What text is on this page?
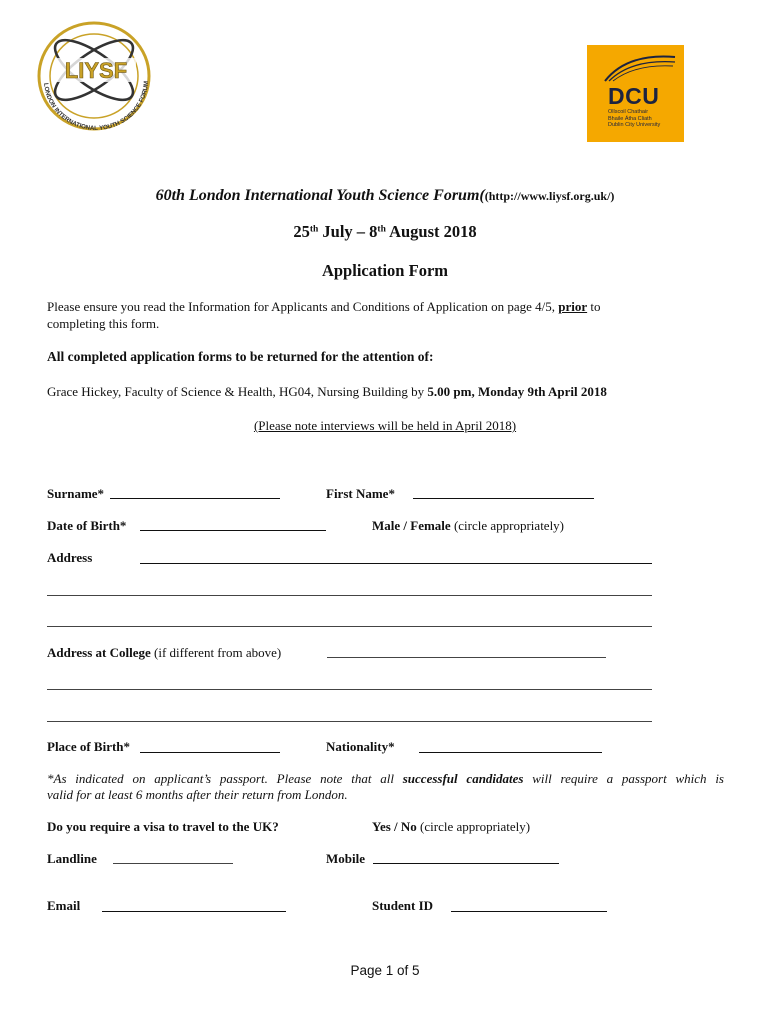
LIYSF
LONDON INTERNATIONAL YOUTH SCIENCE FORUM	DCU
Ollscoil Chathair
Bhaile Átha Cliath
Dublin City University
60th London International Youth Science Forum((http://www.liysf.org.uk/)
25th July – 8th August 2018
Application Form
Please ensure you read the Information for Applicants and Conditions of Application on page 4/5, prior to
completing this form.
All completed application forms to be returned for the attention of:
Grace Hickey, Faculty of Science & Health, HG04, Nursing Building by 5.00 pm, Monday 9th April 2018
(Please note interviews will be held in April 2018)
Surname*	First Name*
Date of Birth*	Male / Female (circle appropriately)
Address
Address at College (if different from above)
Place of Birth*	Nationality*
*As indicated on applicant’s passport. Please note that all successful candidates will require a passport which is
valid for at least 6 months after their return from London.
Do you require a visa to travel to the UK?	Yes / No (circle appropriately)
Landline	Mobile
Email	Student ID
Page 1 of 5
